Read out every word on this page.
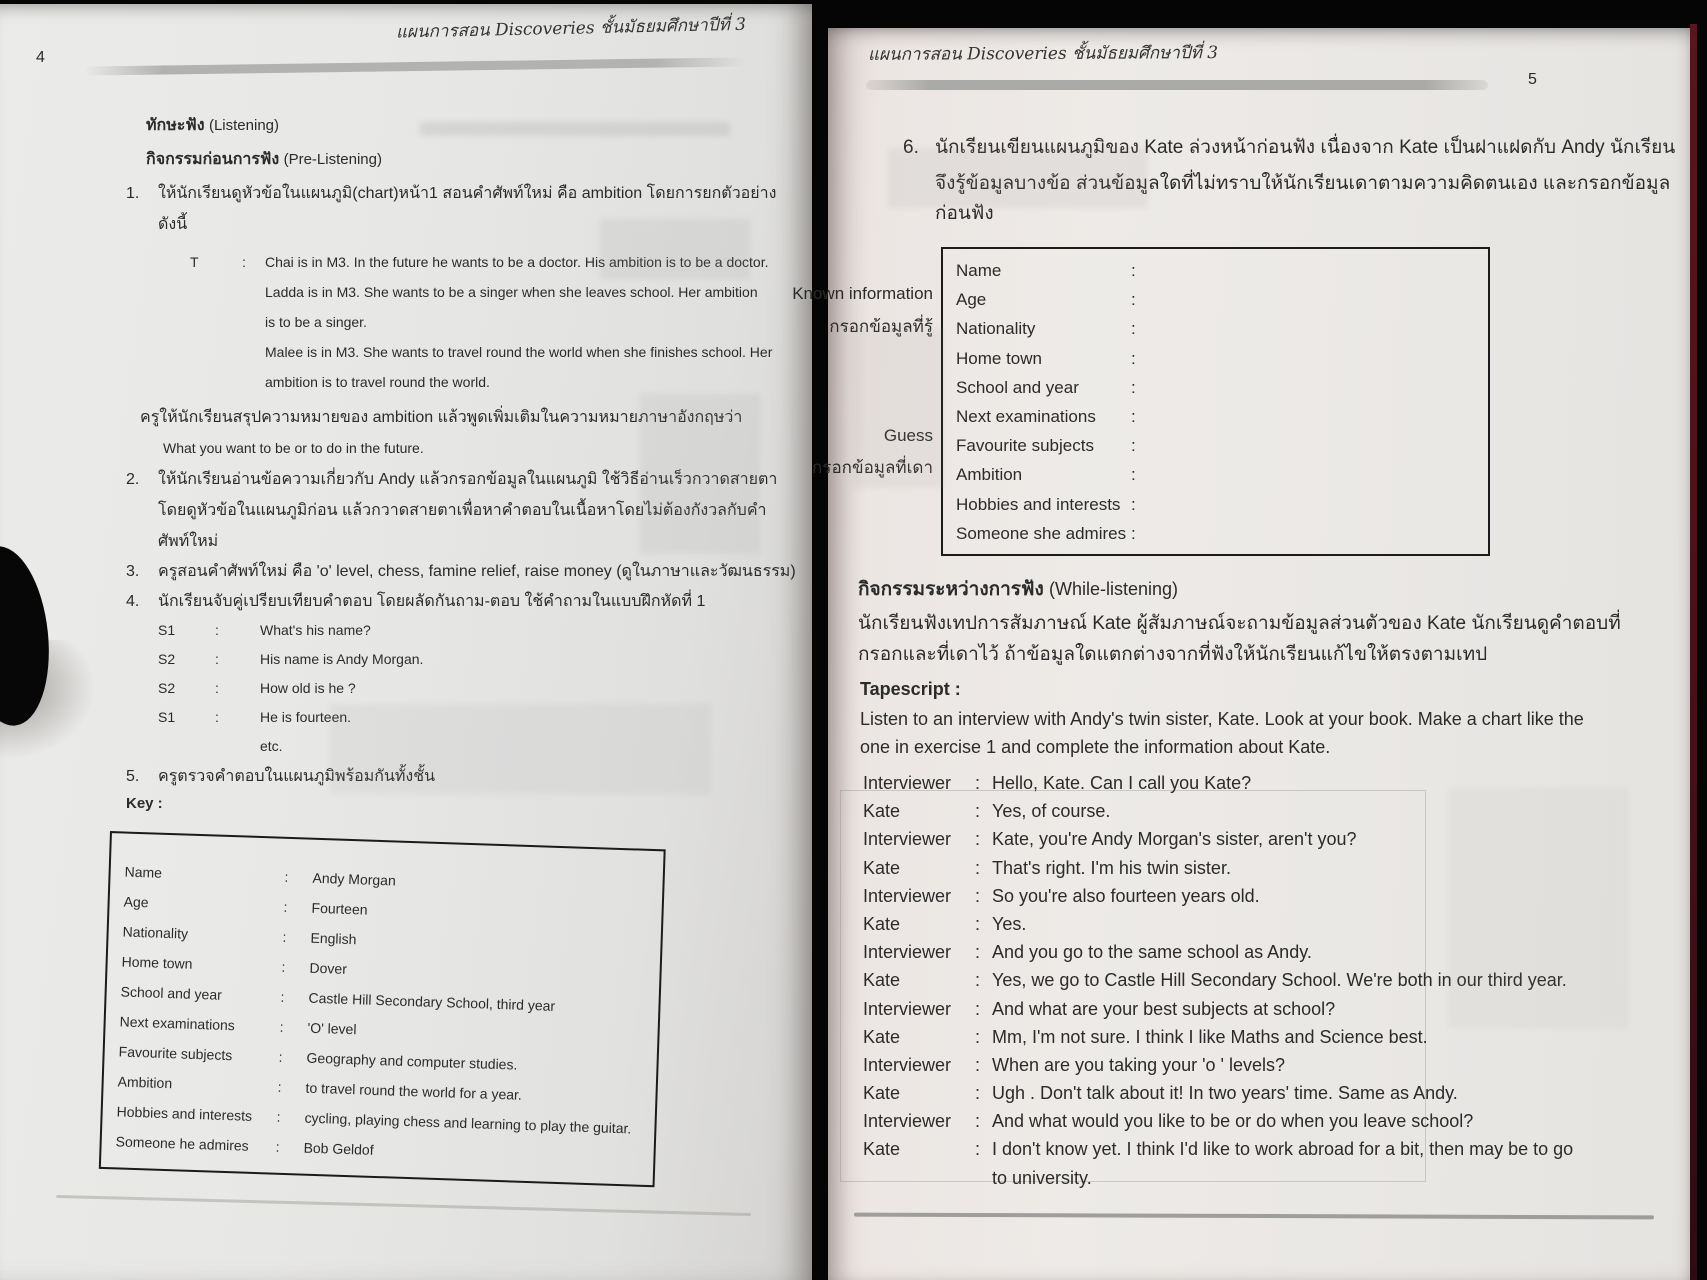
4
แผนการสอน Discoveries ชั้นมัธยมศึกษาปีที่ 3
ทักษะฟัง (Listening)
กิจกรรมก่อนการฟัง (Pre-Listening)
1. ให้นักเรียนดูหัวข้อในแผนภูมิ(chart)หน้า1 สอนคำศัพท์ใหม่ คือ ambition โดยการยกตัวอย่าง
ดังนี้
T	:	Chai is in M3. In the future he wants to be a doctor. His ambition is to be a doctor.
Ladda is in M3. She wants to be a singer when she leaves school. Her ambition
is to be a singer.
Malee is in M3. She wants to travel round the world when she finishes school. Her
ambition is to travel round the world.
ครูให้นักเรียนสรุปความหมายของ ambition แล้วพูดเพิ่มเติมในความหมายภาษาอังกฤษว่า
What you want to be or to do in the future.
2. ให้นักเรียนอ่านข้อความเกี่ยวกับ Andy แล้วกรอกข้อมูลในแผนภูมิ ใช้วิธีอ่านเร็วกวาดสายตา
โดยดูหัวข้อในแผนภูมิก่อน แล้วกวาดสายตาเพื่อหาคำตอบในเนื้อหาโดยไม่ต้องกังวลกับคำ
ศัพท์ใหม่
3. ครูสอนคำศัพท์ใหม่ คือ 'o' level, chess, famine relief, raise money (ดูในภาษาและวัฒนธรรม)
4. นักเรียนจับคู่เปรียบเทียบคำตอบ โดยผลัดกันถาม-ตอบ ใช้คำถามในแบบฝึกหัดที่ 1
S1	:	What's his name?
S2	:	His name is Andy Morgan.
S2	:	How old is he ?
S1	:	He is fourteen.
etc.
5. ครูตรวจคำตอบในแผนภูมิพร้อมกันทั้งชั้น
Key :
Name	:	Andy Morgan
Age	:	Fourteen
Nationality	:	English
Home town	:	Dover
School and year	:	Castle Hill Secondary School, third year
Next examinations	:	'O' level
Favourite subjects	:	Geography and computer studies.
Ambition	:	to travel round the world for a year.
Hobbies and interests	:	cycling, playing chess and learning to play the guitar.
Someone he admires	:	Bob Geldof
แผนการสอน Discoveries ชั้นมัธยมศึกษาปีที่ 3
5
6. นักเรียนเขียนแผนภูมิของ Kate ล่วงหน้าก่อนฟัง เนื่องจาก Kate เป็นฝาแฝดกับ Andy นักเรียน
จึงรู้ข้อมูลบางข้อ ส่วนข้อมูลใดที่ไม่ทราบให้นักเรียนเดาตามความคิดตนเอง และกรอกข้อมูล
ก่อนฟัง
Known information
กรอกข้อมูลที่รู้
Guess
กรอกข้อมูลที่เดา
Name	:
Age	:
Nationality	:
Home town	:
School and year	:
Next examinations	:
Favourite subjects	:
Ambition	:
Hobbies and interests :
Someone she admires :
กิจกรรมระหว่างการฟัง (While-listening)
นักเรียนฟังเทปการสัมภาษณ์ Kate ผู้สัมภาษณ์จะถามข้อมูลส่วนตัวของ Kate นักเรียนดูคำตอบที่
กรอกและที่เดาไว้ ถ้าข้อมูลใดแตกต่างจากที่ฟังให้นักเรียนแก้ไขให้ตรงตามเทป
Tapescript :
Listen to an interview with Andy's twin sister, Kate. Look at your book. Make a chart like the
one in exercise 1 and complete the information about Kate.
Interviewer	: Hello, Kate. Can I call you Kate?
Kate	: Yes, of course.
Interviewer	: Kate, you're Andy Morgan's sister, aren't you?
Kate	: That's right. I'm his twin sister.
Interviewer	: So you're also fourteen years old.
Kate	: Yes.
Interviewer	: And you go to the same school as Andy.
Kate	: Yes, we go to Castle Hill Secondary School. We're both in our third year.
Interviewer	: And what are your best subjects at school?
Kate	: Mm, I'm not sure. I think I like Maths and Science best.
Interviewer	: When are you taking your 'o ' levels?
Kate	: Ugh . Don't talk about it! In two years' time. Same as Andy.
Interviewer	: And what would you like to be or do when you leave school?
Kate	: I don't know yet. I think I'd like to work abroad for a bit, then may be to go
to university.
